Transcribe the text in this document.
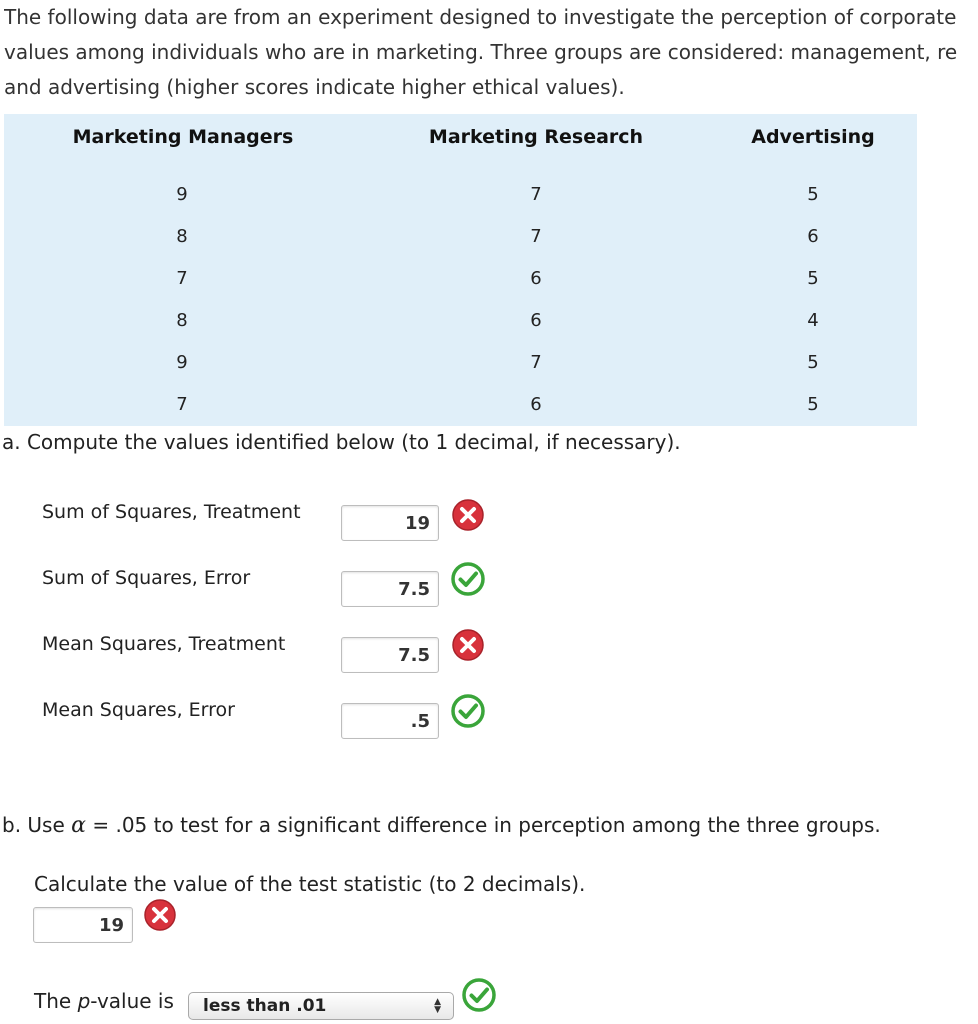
The following data are from an experiment designed to investigate the perception of corporate
values among individuals who are in marketing. Three groups are considered: management, re
and advertising (higher scores indicate higher ethical values).
Marketing Managers	Marketing Research	Advertising
9	7	5
8	7	6
7	6	5
8	6	4
9	7	5
7	6	5
a. Compute the values identified below (to 1 decimal, if necessary).
Sum of Squares, Treatment	19
Sum of Squares, Error	7.5
Mean Squares, Treatment	7.5
Mean Squares, Error	.5
b. Use α = .05 to test for a significant difference in perception among the three groups.
Calculate the value of the test statistic (to 2 decimals).
19
The p-value is less than .01	▲
▼
